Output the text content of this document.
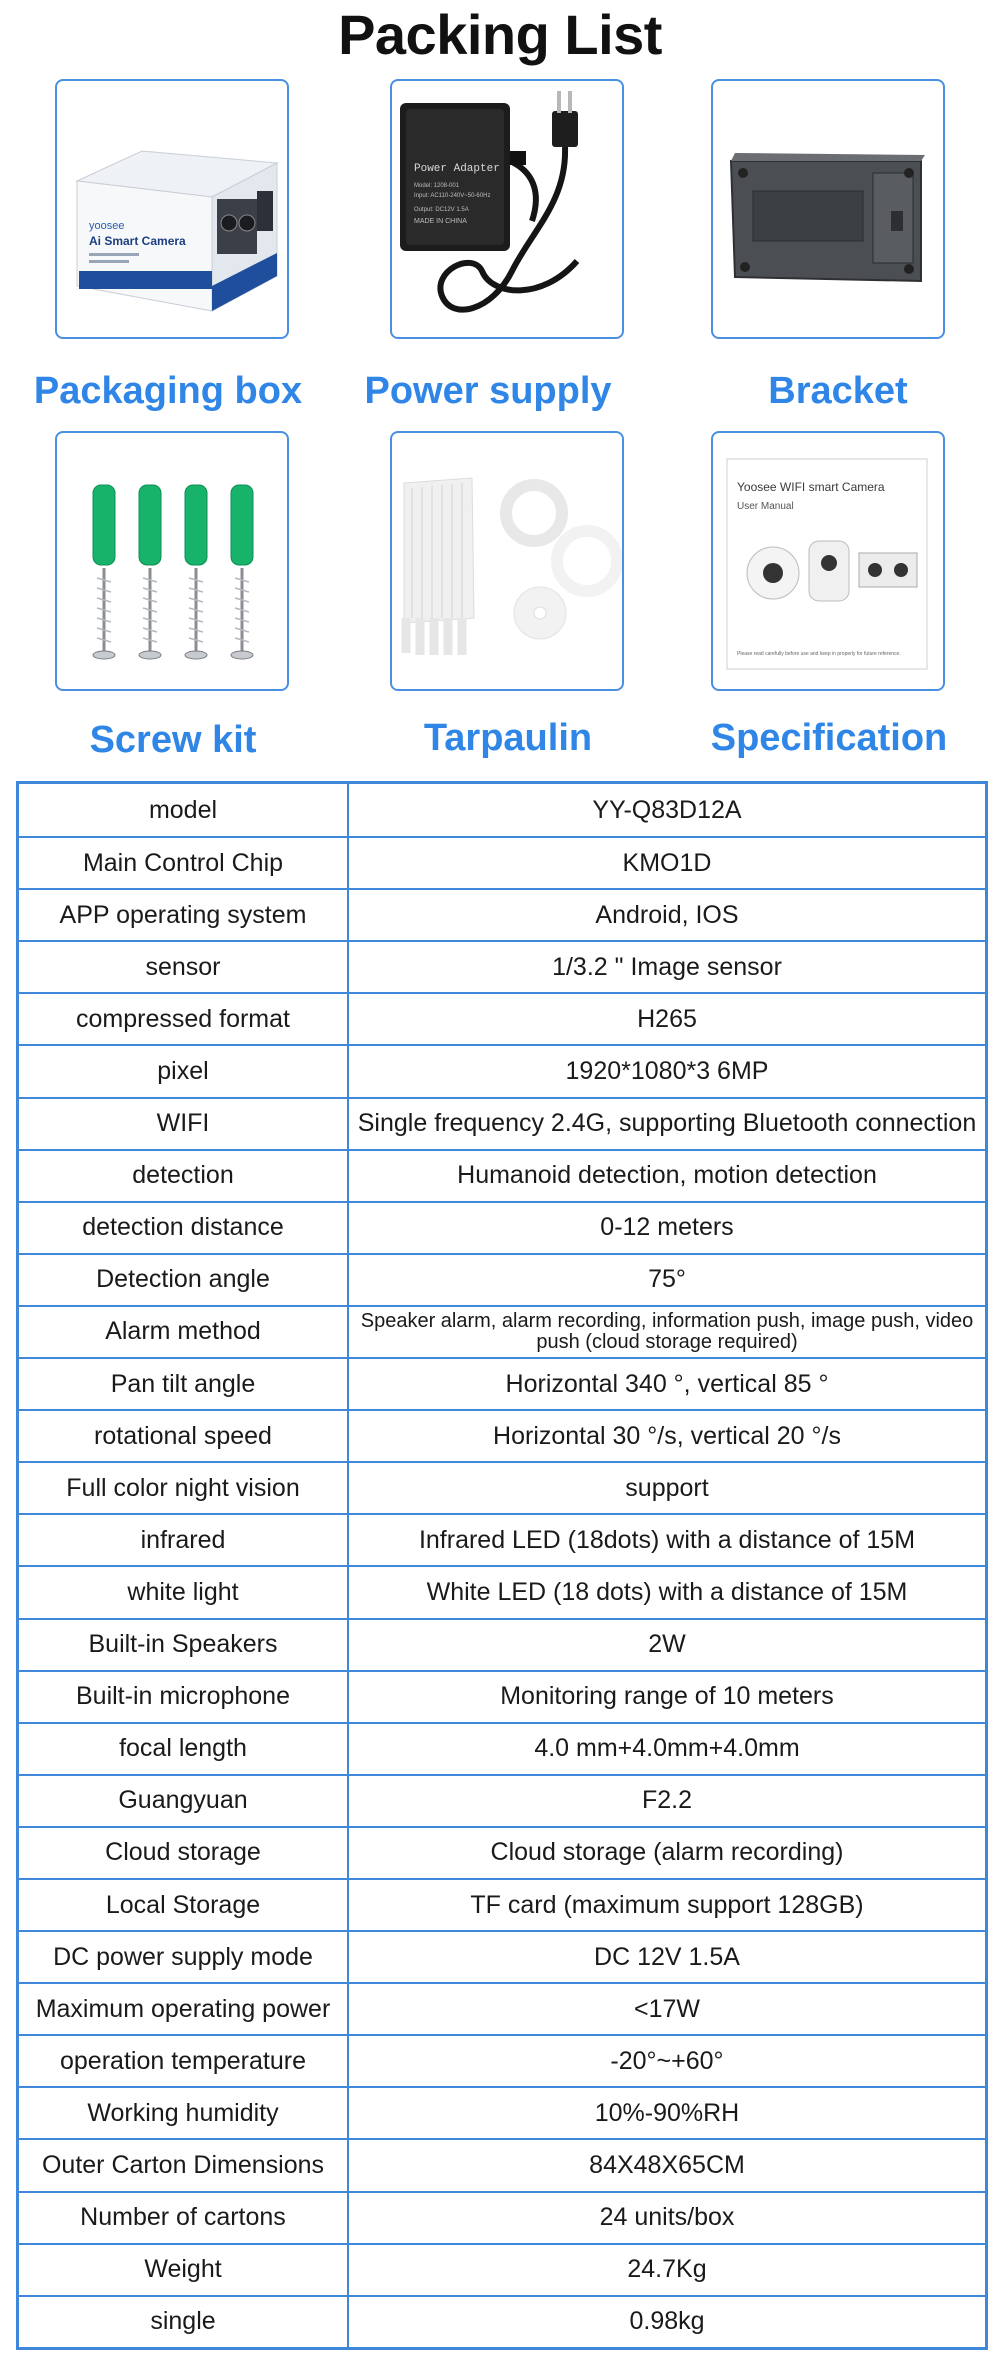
Packing List
yoosee
Ai Smart Camera
Power Adapter
Model: 1208-001
Input: AC110-240V~50-60Hz
Output: DC12V 1.5A
MADE IN CHINA
Packaging box	Power supply	Bracket
Yoosee WIFI smart Camera
User Manual
Please read carefully before use and keep in properly for future reference.
Screw kit	Tarpaulin	Specification
model	YY-Q83D12A
Main Control Chip	KMO1D
APP operating system	Android, IOS
sensor	1/3.2 " Image sensor
compressed format	H265
pixel	1920*1080*3 6MP
WIFI	Single frequency 2.4G, supporting Bluetooth connection
detection	Humanoid detection, motion detection
detection distance	0-12 meters
Detection angle	75°
Alarm method	Speaker alarm, alarm recording, information push, image push, video push (cloud storage required)
Pan tilt angle	Horizontal 340 °, vertical 85 °
rotational speed	Horizontal 30 °/s, vertical 20 °/s
Full color night vision	support
infrared	Infrared LED (18dots) with a distance of 15M
white light	White LED (18 dots) with a distance of 15M
Built-in Speakers	2W
Built-in microphone	Monitoring range of 10 meters
focal length	4.0 mm+4.0mm+4.0mm
Guangyuan	F2.2
Cloud storage	Cloud storage (alarm recording)
Local Storage	TF card (maximum support 128GB)
DC power supply mode	DC 12V 1.5A
Maximum operating power	<17W
operation temperature	-20°~+60°
Working humidity	10%-90%RH
Outer Carton Dimensions	84X48X65CM
Number of cartons	24 units/box
Weight	24.7Kg
single	0.98kg
